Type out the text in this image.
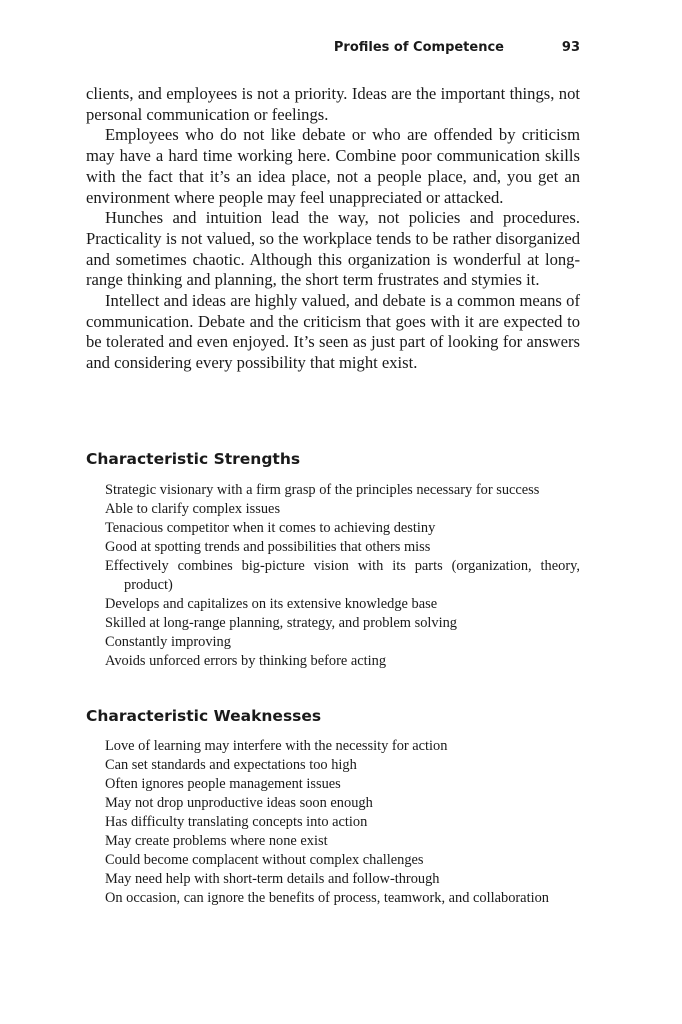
Profiles of Competence	93

clients, and employees is not a priority. Ideas are the important things, not personal communication or feelings.

Employees who do not like debate or who are offended by criticism may have a hard time working here. Combine poor communication skills with the fact that it’s an idea place, not a people place, and, you get an environment where people may feel unappreciated or attacked.

Hunches and intuition lead the way, not policies and procedures. Practicality is not valued, so the workplace tends to be rather disorganized and sometimes chaotic. Although this organization is wonderful at long-range thinking and planning, the short term frustrates and stymies it.

Intellect and ideas are highly valued, and debate is a common means of communication. Debate and the criticism that goes with it are expected to be tolerated and even enjoyed. It’s seen as just part of looking for answers and considering every possibility that might exist.

Characteristic Strengths
Strategic visionary with a firm grasp of the principles necessary for success
Able to clarify complex issues
Tenacious competitor when it comes to achieving destiny
Good at spotting trends and possibilities that others miss
Effectively combines big-picture vision with its parts (organization, theory, product)
Develops and capitalizes on its extensive knowledge base
Skilled at long-range planning, strategy, and problem solving
Constantly improving
Avoids unforced errors by thinking before acting
Characteristic Weaknesses
Love of learning may interfere with the necessity for action
Can set standards and expectations too high
Often ignores people management issues
May not drop unproductive ideas soon enough
Has difficulty translating concepts into action
May create problems where none exist
Could become complacent without complex challenges
May need help with short-term details and follow-through
On occasion, can ignore the benefits of process, teamwork, and collaboration
